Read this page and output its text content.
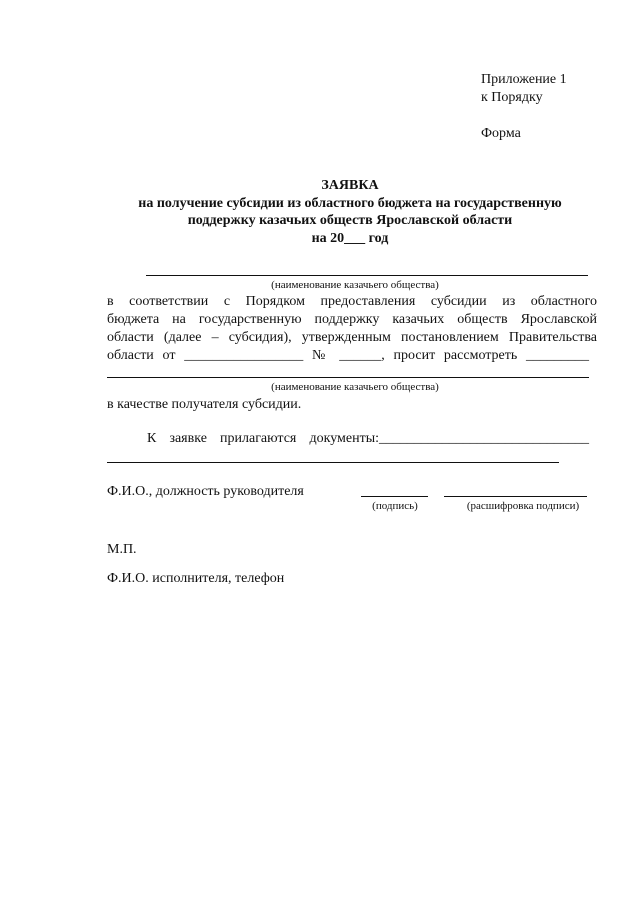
Приложение 1
к Порядку
Форма
ЗАЯВКА
на получение субсидии из областного бюджета на государственную
поддержку казачьих обществ Ярославской области
на 20___ год
(наименование казачьего общества)
в соответствии с Порядком предоставления субсидии из областного
бюджета на государственную поддержку казачьих обществ Ярославской
области (далее – субсидия), утвержденным постановлением Правительства
области от _________________ № ______, просит рассмотреть _________
(наименование казачьего общества)
в качестве получателя субсидии.
К заявке прилагаются документы:______________________________
Ф.И.О., должность руководителя
(подпись)	(расшифровка подписи)
М.П.
Ф.И.О. исполнителя, телефон
